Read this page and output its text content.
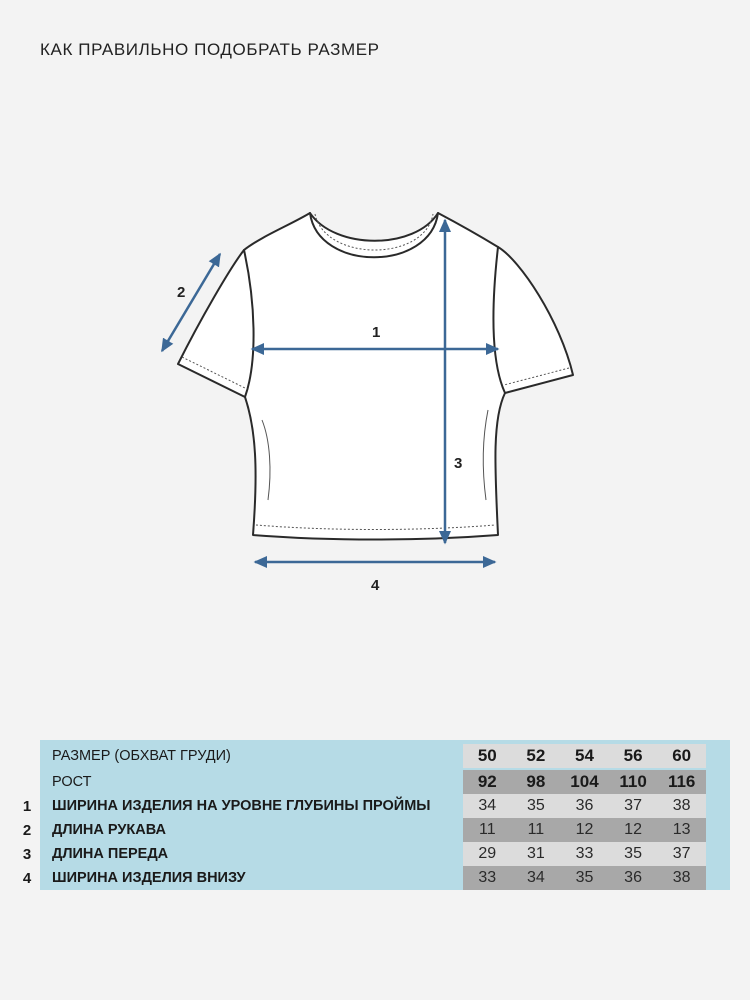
КАК ПРАВИЛЬНО ПОДОБРАТЬ РАЗМЕР
1
2
3
4
РАЗМЕР (ОБХВАТ ГРУДИ)	50	52	54	56	60
РОСТ	92	98	104	110	116
1 ШИРИНА ИЗДЕЛИЯ НА УРОВНЕ ГЛУБИНЫ ПРОЙМЫ	34	35	36	37	38
2 ДЛИНА РУКАВА	11	11	12	12	13
3 ДЛИНА ПЕРЕДА	29	31	33	35	37
4 ШИРИНА ИЗДЕЛИЯ ВНИЗУ	33	34	35	36	38
